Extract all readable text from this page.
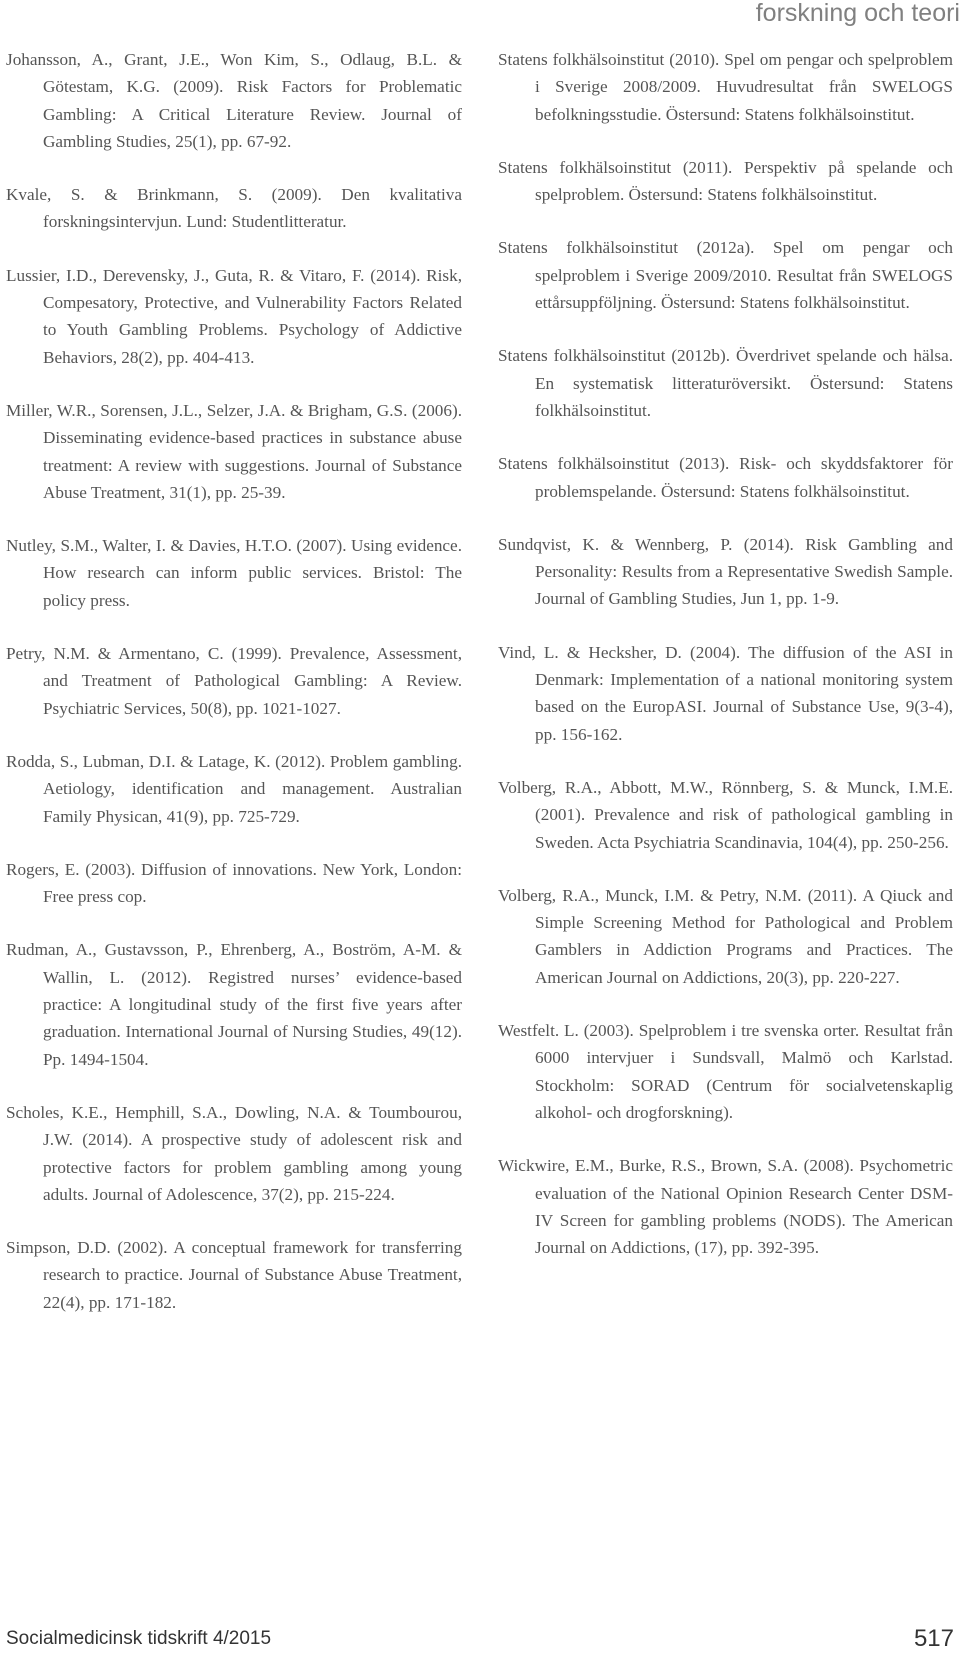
forskning och teori

Johansson, A., Grant, J.E., Won Kim, S., Odlaug, B.L. & Götestam, K.G. (2009). Risk Factors for Problematic Gambling: A Critical Literature Review. Journal of Gambling Studies, 25(1), pp. 67-92.

Kvale, S. & Brinkmann, S. (2009). Den kvalitativa forskningsintervjun. Lund: Studentlitteratur.

Lussier, I.D., Derevensky, J., Guta, R. & Vitaro, F. (2014). Risk, Compesatory, Protective, and Vulnerability Factors Related to Youth Gambling Problems. Psychology of Addictive Behaviors, 28(2), pp. 404-413.

Miller, W.R., Sorensen, J.L., Selzer, J.A. & Brigham, G.S. (2006). Disseminating evidence-based practices in substance abuse treatment: A review with suggestions. Journal of Substance Abuse Treatment, 31(1), pp. 25-39.

Nutley, S.M., Walter, I. & Davies, H.T.O. (2007). Using evidence. How research can inform public services. Bristol: The policy press.

Petry, N.M. & Armentano, C. (1999). Prevalence, Assessment, and Treatment of Pathological Gambling: A Review. Psychiatric Services, 50(8), pp. 1021-1027.

Rodda, S., Lubman, D.I. & Latage, K. (2012). Problem gambling. Aetiology, identification and management. Australian Family Physican, 41(9), pp. 725-729.

Rogers, E. (2003). Diffusion of innovations. New York, London: Free press cop.

Rudman, A., Gustavsson, P., Ehrenberg, A., Boström, A-M. & Wallin, L. (2012). Registred nurses’ evidence-based practice: A longitudinal study of the first five years after graduation. International Journal of Nursing Studies, 49(12). Pp. 1494-1504.

Scholes, K.E., Hemphill, S.A., Dowling, N.A. & Toumbourou, J.W. (2014). A prospective study of adolescent risk and protective factors for problem gambling among young adults. Journal of Adolescence, 37(2), pp. 215-224.

Simpson, D.D. (2002). A conceptual framework for transferring research to practice. Journal of Substance Abuse Treatment, 22(4), pp. 171-182.

Statens folkhälsoinstitut (2010). Spel om pengar och spelproblem i Sverige 2008/2009. Huvudresultat från SWELOGS befolkningsstudie. Östersund: Statens folkhälsoinstitut.

Statens folkhälsoinstitut (2011). Perspektiv på spelande och spelproblem. Östersund: Statens folkhälsoinstitut.

Statens folkhälsoinstitut (2012a). Spel om pengar och spelproblem i Sverige 2009/2010. Resultat från SWELOGS ettårsuppföljning. Östersund: Statens folkhälsoinstitut.

Statens folkhälsoinstitut (2012b). Överdrivet spelande och hälsa. En systematisk litteraturöversikt. Östersund: Statens folkhälsoinstitut.

Statens folkhälsoinstitut (2013). Risk- och skyddsfaktorer för problemspelande. Östersund: Statens folkhälsoinstitut.

Sundqvist, K. & Wennberg, P. (2014). Risk Gambling and Personality: Results from a Representative Swedish Sample. Journal of Gambling Studies, Jun 1, pp. 1-9.

Vind, L. & Hecksher, D. (2004). The diffusion of the ASI in Denmark: Implementation of a national monitoring system based on the EuropASI. Journal of Substance Use, 9(3-4), pp. 156-162.

Volberg, R.A., Abbott, M.W., Rönnberg, S. & Munck, I.M.E. (2001). Prevalence and risk of pathological gambling in Sweden. Acta Psychiatria Scandinavia, 104(4), pp. 250-256.

Volberg, R.A., Munck, I.M. & Petry, N.M. (2011). A Qiuck and Simple Screening Method for Pathological and Problem Gamblers in Addiction Programs and Practices. The American Journal on Addictions, 20(3), pp. 220-227.

Westfelt. L. (2003). Spelproblem i tre svenska orter. Resultat från 6000 intervjuer i Sundsvall, Malmö och Karlstad. Stockholm: SORAD (Centrum för socialvetenskaplig alkohol- och drogforskning).

Wickwire, E.M., Burke, R.S., Brown, S.A. (2008). Psychometric evaluation of the National Opinion Research Center DSM-IV Screen for gambling problems (NODS). The American Journal on Addictions, (17), pp. 392-395.

Socialmedicinsk tidskrift 4/2015	517
